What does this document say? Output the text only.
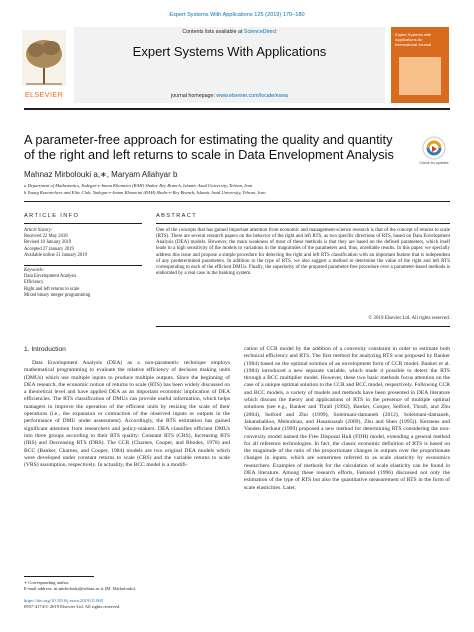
Expert Systems With Applications 125 (2019) 170–180
ELSEVIER
Contents lists available at ScienceDirect
Expert Systems With Applications
journal homepage: www.elsevier.com/locate/eswa
Expert Systems with Applications An International Journal
A parameter-free approach for estimating the quality and quantity of the right and left returns to scale in Data Envelopment Analysis
Check for updates
Mahnaz Mirbolouki a,∗, Maryam Allahyar b
a Department of Mathematics, Yadegar-e-Imam Khomeini (RAH) Shahre Rey Branch, Islamic Azad University, Tehran, Iran
b Young Researchers and Elite Club, Yadegar-e-Imam Khomeini (RAH) Shahr-e-Rey Branch, Islamic Azad University, Tehran, Iran
ARTICLE INFO	ABSTRACT
Article history:
Received 22 May 2018
Revised 10 January 2019
Accepted 27 January 2019
Available online 31 January 2019
Keywords:
Data Envelopment Analysis
Efficiency
Right and left returns to scale
Mixed binary integer programming
One of the concepts that has gained important attention from economic and management-science research is that of the concept of returns to scale (RTS). There are several research papers on the behavior of the right and left RTS, as two specific directions of RTS, based on Data Envelopment Analysis (DEA) models. However, the main weakness of most of these methods is that they are based on the defined parameters, which itself leads to a high sensitivity of the models to variations in the magnitudes of the parameters and, thus, unreliable results. In this paper, we specially address this issue and propose a simple procedure for detecting the right and left RTS classification with an important feature that is independent of any predetermined parameters. In addition to the type of RTS, we also suggest a method to determine the value of the right and left RTS corresponding to each of the efficient DMUs. Finally, the superiority of the proposed parameter-free procedure over a parameter-based methods is elaborated by a real case in the banking system.
© 2019 Elsevier Ltd. All rights reserved.
1. Introduction

Data Envelopment Analysis (DEA) as a non-parametric technique employs mathematical programming to evaluate the relative efficiency of decision making units (DMUs) which use multiple inputs to produce multiple outputs. Since the beginning of DEA research, the economic notion of returns to scale (RTS) has been widely discussed on a theoretical level and have applied DEA as an important economic implication of DEA efficiencies. The RTS classification of DMUs can provide useful information, which helps managers to improve the operation of the efficient units by resizing the scale of their operations (i.e., the expansion or contraction of the observed inputs or outputs in the performance of DMU under assessment). Accordingly, the RTS estimation has gained significant attention from researchers and policy-makers. DEA classifies efficient DMUs into three groups according to their RTS quality: Constant RTS (CRS), Increasing RTS (IRS) and Decreasing RTS (DRS). The CCR (Charnes, Cooper, and Rhodes, 1978) and BCC (Banker, Charnes, and Cooper, 1984) models are two original DEA models which were developed under constant returns to scale (CRS) and the variable returns to scale (VRS) assumption, respectively. In actuality, the BCC model is a modifi-

cation of CCR model by the addition of a convexity constraint in order to estimate both technical efficiency and RTS. The first method for analyzing RTS was proposed by Banker (1984) based on the optimal solution of an envelopment form of CCR model. Banker et al. (1984) introduced a new separate variable, which made it possible to detect the RTS through a BCC multiplier model. However, these two basic methods focus attention on the case of a unique optimal solution to the CCR and BCC model, respectively. Following CCR and BCC models, a variety of models and methods have been presented in DEA literature which discuss the theory and applications of RTS in the presence of multiple optimal solutions (see e.g., Banker and Thrall (1992), Banker, Cooper, Seiford, Thrall, and Zhu (2004), Seiford and Zhu (1999), Soleimani-damaneh (2012), Soleimani-damaneh, Jahanshahloo, Mehrabian, and Hasannasab (2009), Zhu and Shen (1995)). Kerstens and Vanden Eeckaut (1999) proposed a new method for determining RTS considering the non-convexity model named the Free Disposal Hull (FDH) model, extending a general method for all reference technologies. In fact, the classic economic definition of RTS is based on the magnitude of the ratio of the proportionate changes in outputs over the proportionate changes in inputs, which are sometimes referred to as scale elasticity by economics researchers. Examples of methods for the calculation of scale elasticity can be found in DEA literature. Among these research efforts, Førsund (1996) discussed not only the estimation of the type of RTS but also the quantitative measurement of RTS in the form of scale elasticities. Later,

∗ Corresponding author.
E-mail address: m.mirbolouki@srbiau.ac.ir (M. Mirbolouki).
https://doi.org/10.1016/j.eswa.2019.01.065
0957-4174/© 2019 Elsevier Ltd. All rights reserved.
